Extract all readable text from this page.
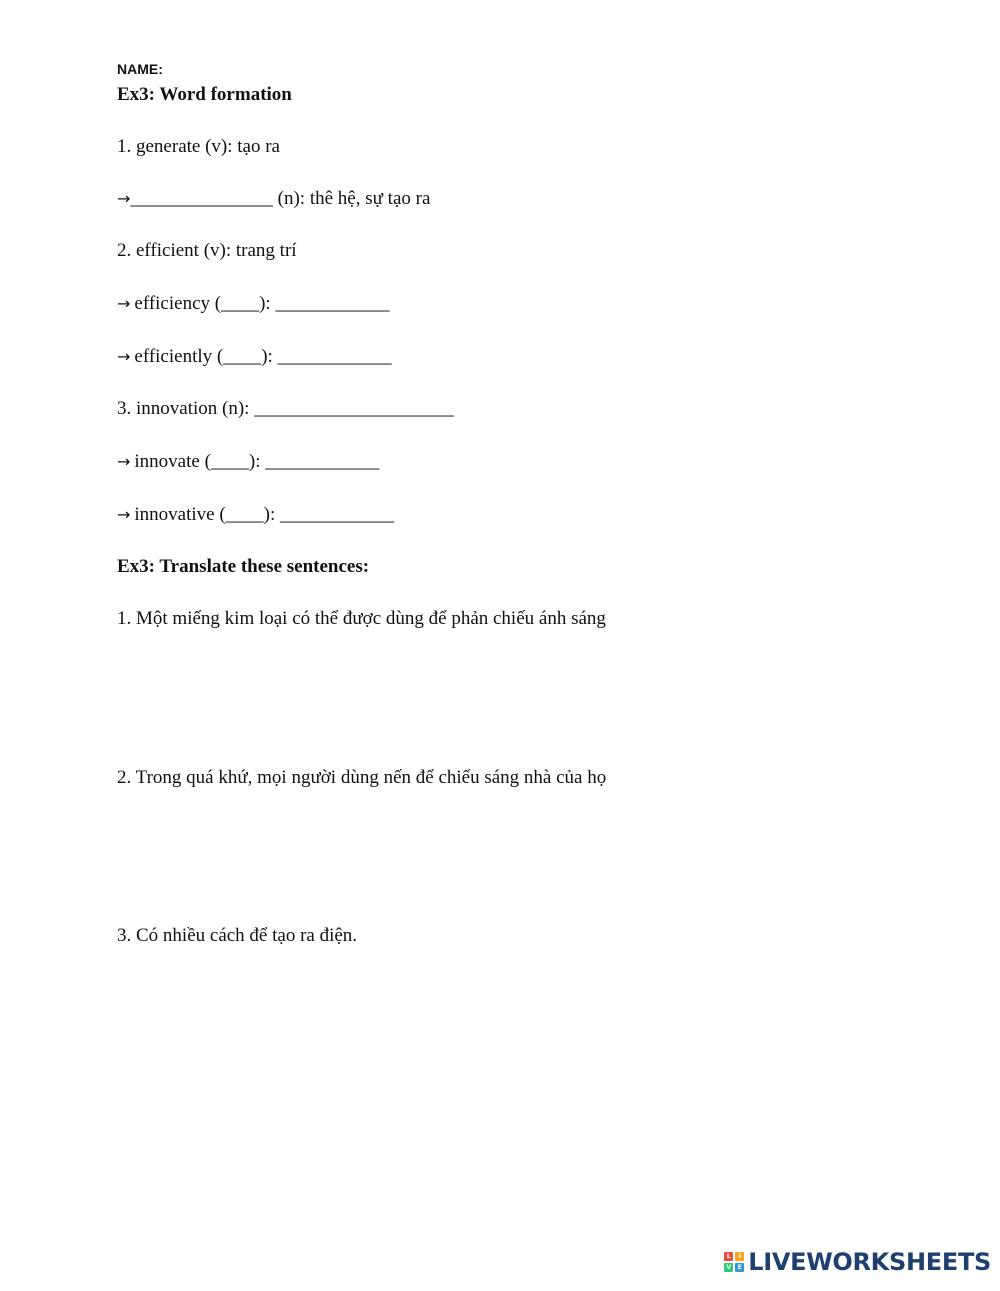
NAME:
Ex3: Word formation
1. generate (v): tạo ra
→_______________ (n): thê hệ, sự tạo ra
2. efficient (v): trang trí
→ efficiency (____): ____________
→ efficiently (____): ____________
3. innovation (n): _____________________
→ innovate (____): ____________
→ innovative (____): ____________
Ex3: Translate these sentences:
1. Một miếng kim loại có thể được dùng để phản chiếu ánh sáng
2. Trong quá khứ, mọi người dùng nến để chiếu sáng nhà của họ
3. Có nhiều cách để tạo ra điện.
L	I
V	E LIVEWORKSHEETS
